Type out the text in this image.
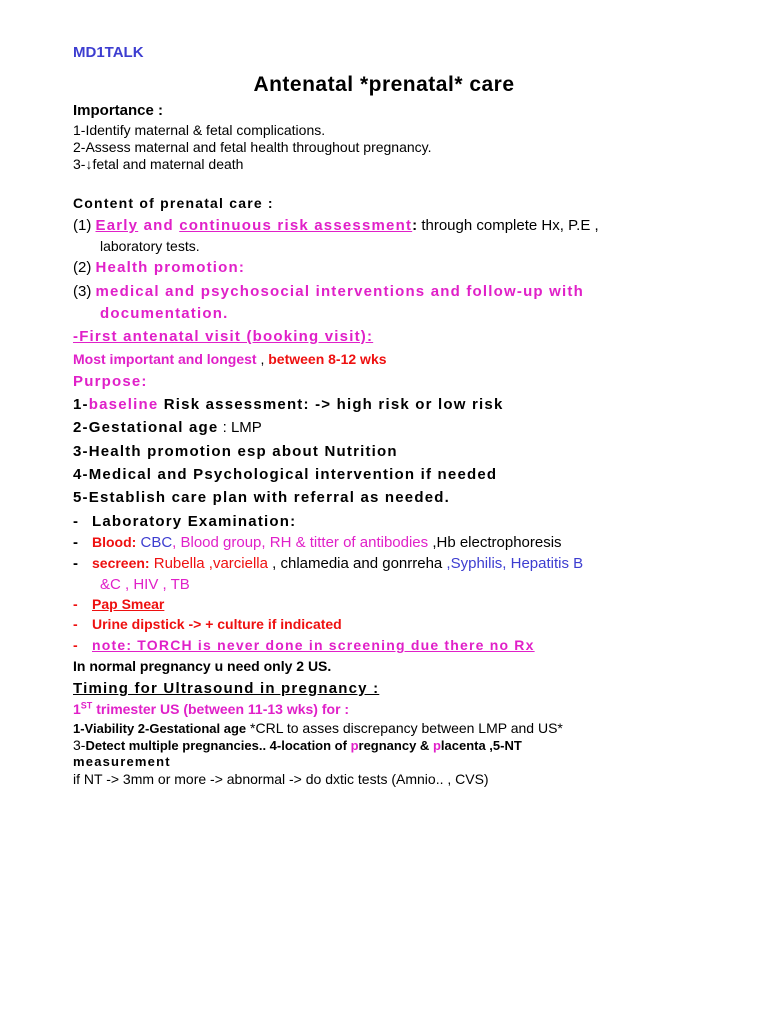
MD1TALK
Antenatal *prenatal* care
Importance :
1-Identify maternal & fetal complications.
2-Assess maternal and fetal health throughout pregnancy.
3-↓fetal and maternal death
Content of prenatal care :
(1) Early and continuous risk assessment: through complete Hx, P.E ,
laboratory tests.
(2) Health promotion:
(3) medical and psychosocial interventions and follow-up with
documentation.
-First antenatal visit (booking visit):
Most important and longest , between 8-12 wks
Purpose:
1-baseline Risk assessment: -> high risk or low risk
2-Gestational age : LMP
3-Health promotion esp about Nutrition
4-Medical and Psychological intervention if needed
5-Establish care plan with referral as needed.
- Laboratory Examination:
- Blood: CBC, Blood group, RH & titter of antibodies ,Hb electrophoresis
- secreen: Rubella ,varciella , chlamedia and gonrreha ,Syphilis, Hepatitis B
&C , HIV , TB
- Pap Smear
- Urine dipstick -> + culture if indicated
- note: TORCH is never done in screening due there no Rx
In normal pregnancy u need only 2 US.
Timing for Ultrasound in pregnancy :
1ST trimester US (between 11-13 wks) for :
1-Viability 2-Gestational age *CRL to asses discrepancy between LMP and US*
3-Detect multiple pregnancies.. 4-location of pregnancy & placenta ,5-NT
measurement
if NT -> 3mm or more -> abnormal -> do dxtic tests (Amnio.. , CVS)
